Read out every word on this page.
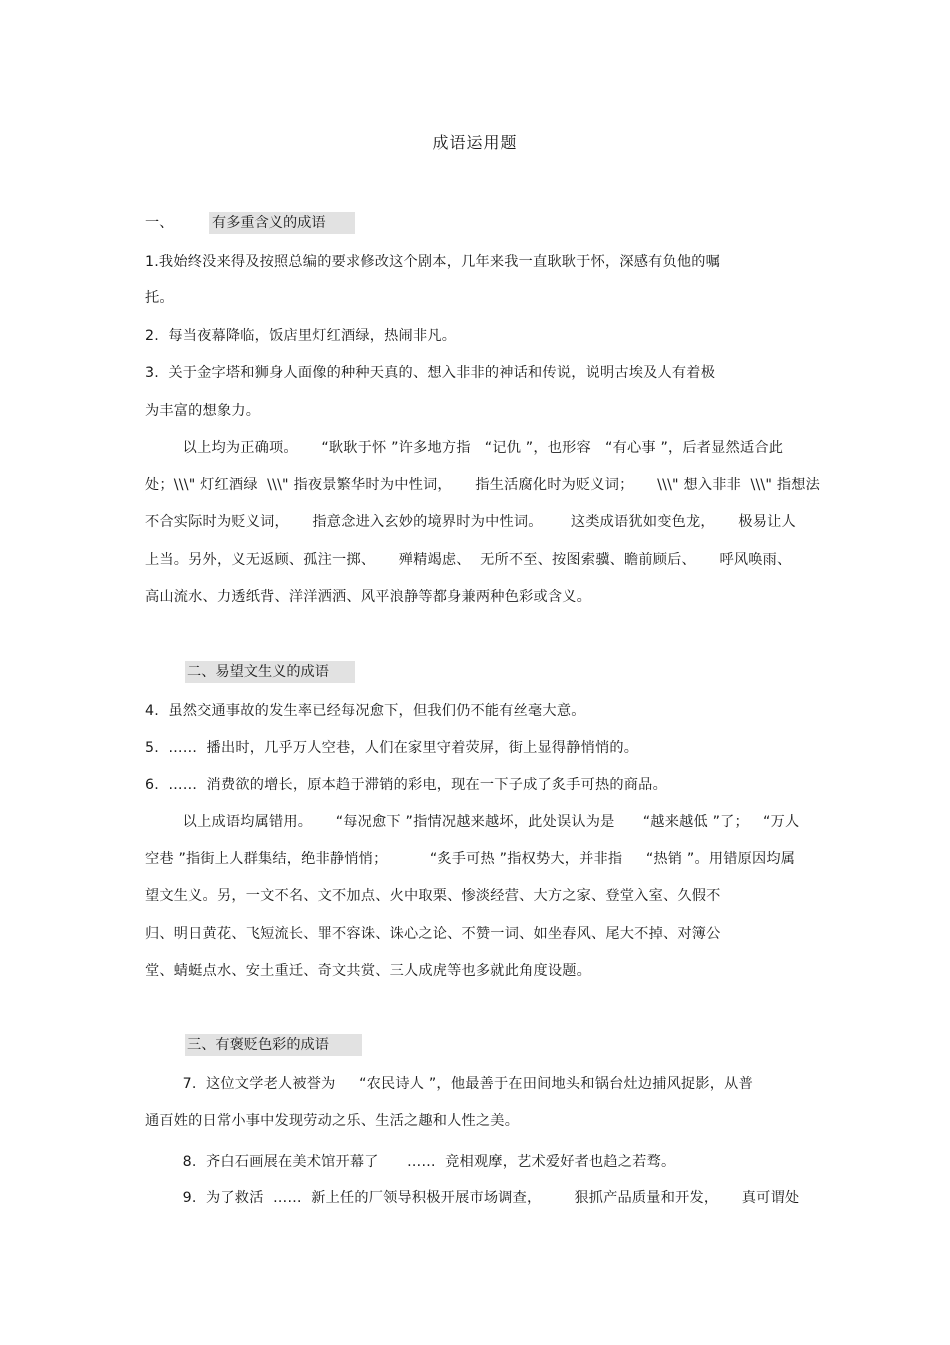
成语运用题
一、	有多重含义的成语
1.我始终没来得及按照总编的要求修改这个剧本，几年来我一直耿耿于怀，深感有负他的嘱
托。
2.  每当夜幕降临，饭店里灯红酒绿，热闹非凡。
3.  关于金字塔和狮身人面像的种种天真的、想入非非的神话和传说，说明古埃及人有着极
为丰富的想象力。
以上均为正确项。     “耿耿于怀 ”许多地方指   “记仇 ”，也形容   “有心事 ”，后者显然适合此
处；\\\" 灯红酒绿  \\\" 指夜景繁华时为中性词，     指生活腐化时为贬义词；     \\\" 想入非非  \\\" 指想法
不合实际时为贬义词，     指意念进入玄妙的境界时为中性词。      这类成语犹如变色龙，     极易让人
上当。另外，义无返顾、孤注一掷、     殚精竭虑、  无所不至、按图索骥、瞻前顾后、     呼风唤雨、
高山流水、力透纸背、洋洋洒洒、风平浪静等都身兼两种色彩或含义。
二、易望文生义的成语
4.  虽然交通事故的发生率已经每况愈下，但我们仍不能有丝毫大意。
5.  ……  播出时，几乎万人空巷，人们在家里守着荧屏，街上显得静悄悄的。
6.  ……  消费欲的增长，原本趋于滞销的彩电，现在一下子成了炙手可热的商品。
以上成语均属错用。     “每况愈下 ”指情况越来越坏，此处误认为是      “越来越低 ”了；   “万人
空巷 ”指街上人群集结，绝非静悄悄；         “炙手可热 ”指权势大，并非指     “热销 ”。用错原因均属
望文生义。另，一文不名、文不加点、火中取栗、惨淡经营、大方之家、登堂入室、久假不
归、明日黄花、飞短流长、罪不容诛、诛心之论、不赞一词、如坐春风、尾大不掉、对簿公
堂、蜻蜓点水、安土重迁、奇文共赏、三人成虎等也多就此角度设题。
三、有褒贬色彩的成语
7.  这位文学老人被誉为     “农民诗人 ”，他最善于在田间地头和锅台灶边捕风捉影，从普
通百姓的日常小事中发现劳动之乐、生活之趣和人性之美。
8.  齐白石画展在美术馆开幕了      ……  竞相观摩，艺术爱好者也趋之若骛。
9.  为了救活  ……  新上任的厂领导积极开展市场调查，       狠抓产品质量和开发，     真可谓处
